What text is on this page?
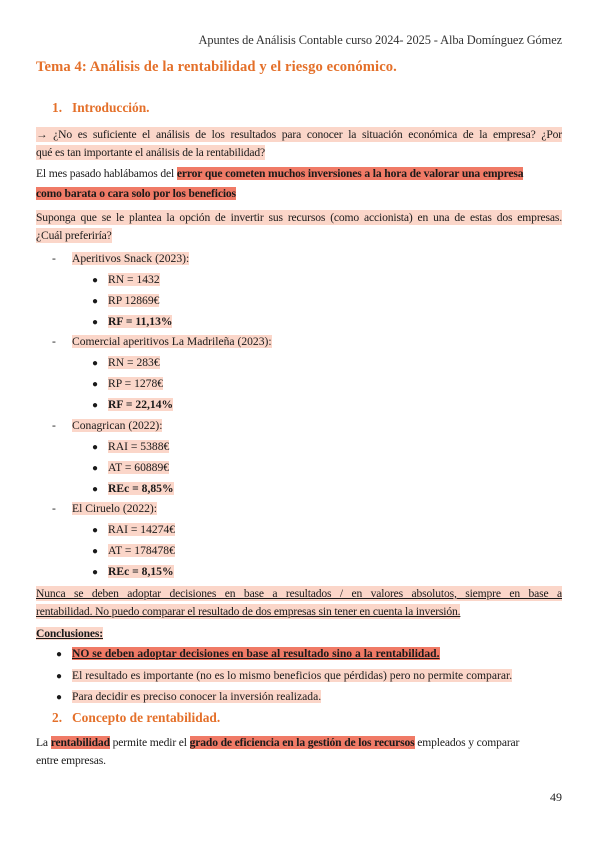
Apuntes de Análisis Contable curso 2024- 2025 - Alba Domínguez Gómez
Tema 4: Análisis de la rentabilidad y el riesgo económico.
1. Introducción.
→ ¿No es suficiente el análisis de los resultados para conocer la situación económica de la empresa? ¿Por
qué es tan importante el análisis de la rentabilidad?
El mes pasado hablábamos del error que cometen muchos inversiones a la hora de valorar una empresa
como barata o cara solo por los beneficios
Suponga que se le plantea la opción de invertir sus recursos (como accionista) en una de estas dos empresas.
¿Cuál preferiría?
- Aperitivos Snack (2023):
● RN = 1432
● RP 12869€
● RF = 11,13%
- Comercial aperitivos La Madrileña (2023):
● RN = 283€
● RP = 1278€
● RF = 22,14%
- Conagrican (2022):
● RAI = 5388€
● AT = 60889€
● REc = 8,85%
- El Ciruelo (2022):
● RAI = 14274€
● AT = 178478€
● REc = 8,15%
Nunca se deben adoptar decisiones en base a resultados / en valores absolutos, siempre en base a
rentabilidad. No puedo comparar el resultado de dos empresas sin tener en cuenta la inversión.
Conclusiones:
● NO se deben adoptar decisiones en base al resultado sino a la rentabilidad.
● El resultado es importante (no es lo mismo beneficios que pérdidas) pero no permite comparar.
● Para decidir es preciso conocer la inversión realizada.
2. Concepto de rentabilidad.
La rentabilidad permite medir el grado de eficiencia en la gestión de los recursos empleados y comparar
entre empresas.
49
